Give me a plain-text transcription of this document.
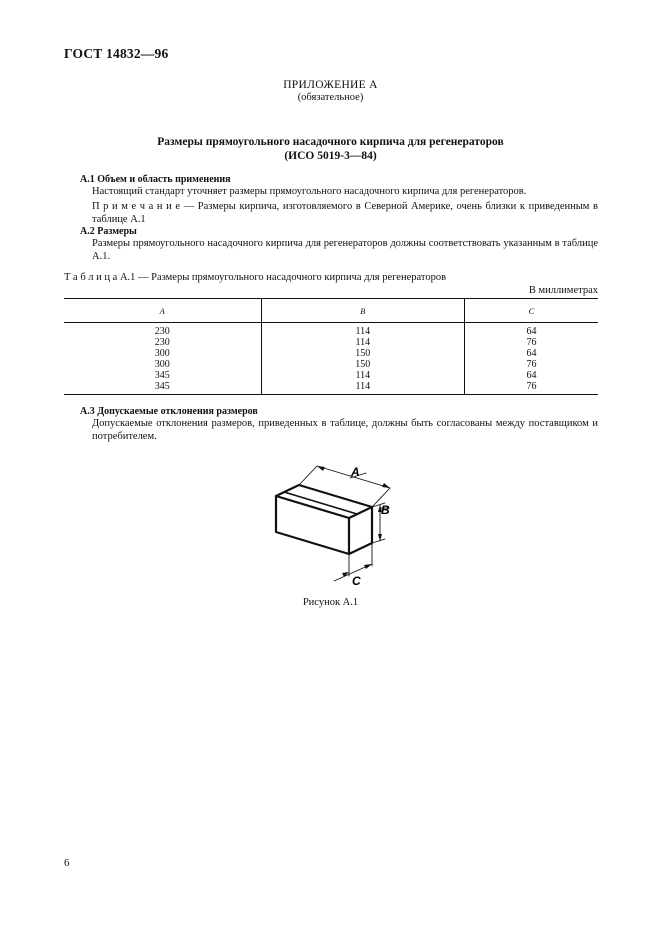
ГОСТ 14832—96
ПРИЛОЖЕНИЕ А
(обязательное)
Размеры прямоугольного насадочного кирпича для регенераторов
(ИСО 5019-3—84)
А.1 Объем и область применения
Настоящий стандарт уточняет размеры прямоугольного насадочного кирпича для регенераторов.
П р и м е ч а н и е — Размеры кирпича, изготовляемого в Северной Америке, очень близки к приведенным в таблице А.1
А.2 Размеры
Размеры прямоугольного насадочного кирпича для регенераторов должны соответствовать указанным в таблице А.1.
Т а б л и ц а А.1 — Размеры прямоугольного насадочного кирпича для регенераторов
В миллиметрах
A	B	C
230	114	64
230	114	76
300	150	64
300	150	76
345	114	64
345	114	76
А.3 Допускаемые отклонения размеров
Допускаемые отклонения размеров, приведенных в таблице, должны быть согласованы между поставщиком и потребителем.
A
B
C
Рисунок А.1
6
